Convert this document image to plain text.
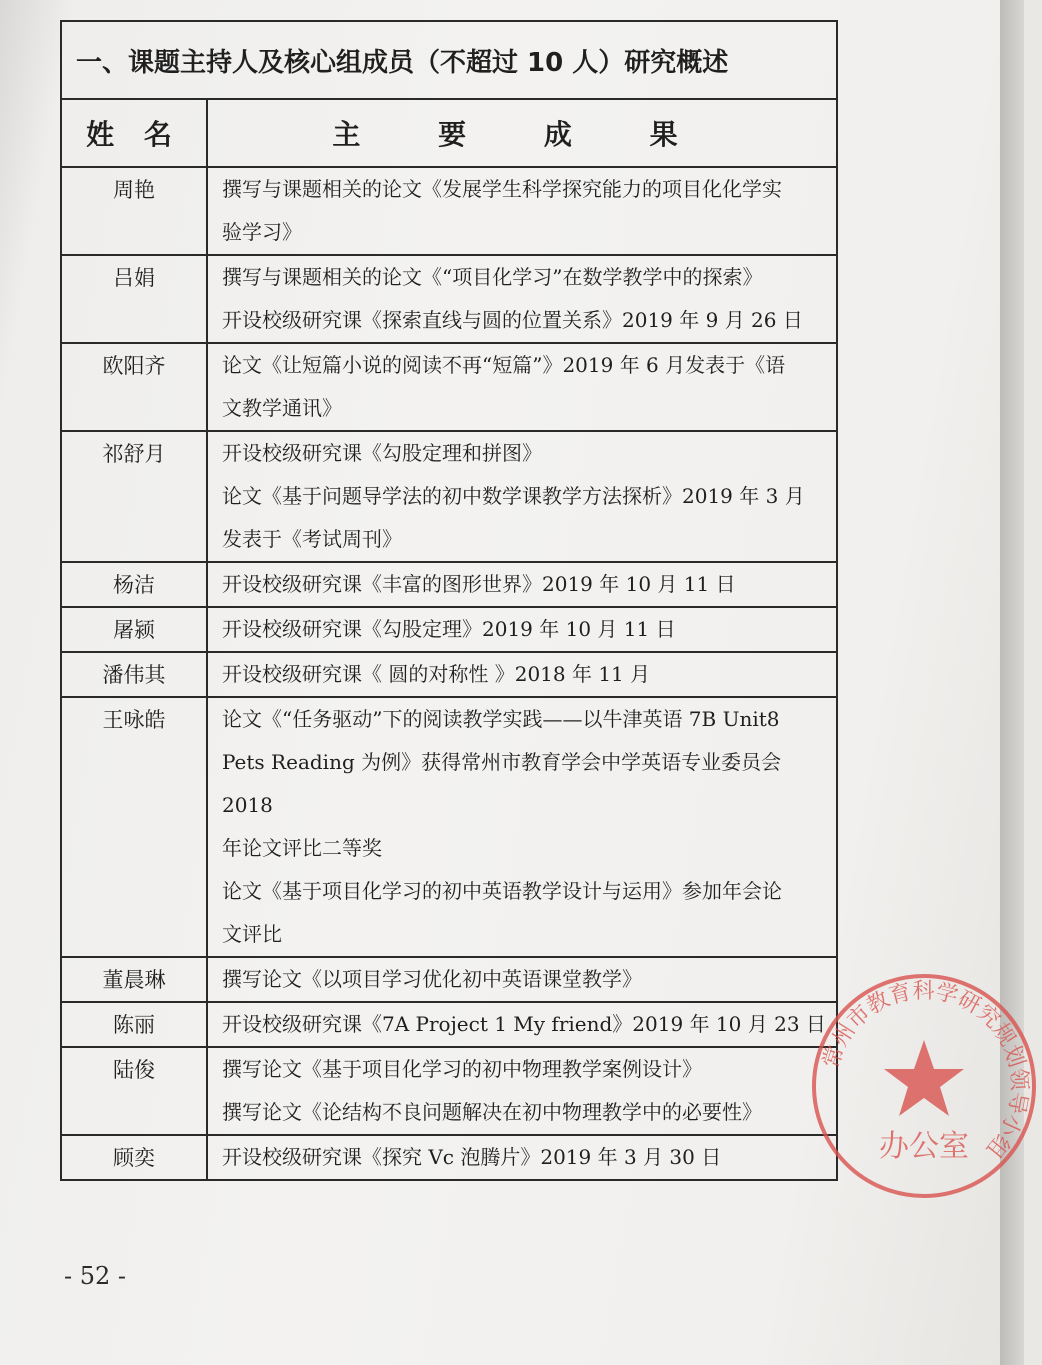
一、课题主持人及核心组成员（不超过 10 人）研究概述	
姓 名	主 要 成 果
周艳	撰写与课题相关的论文《发展学生科学探究能力的项目化化学实
验学习》

吕娟	撰写与课题相关的论文《“项目化学习”在数学教学中的探索》
开设校级研究课《探索直线与圆的位置关系》2019 年 9 月 26 日

欧阳齐	论文《让短篇小说的阅读不再“短篇”》2019 年 6 月发表于《语
文教学通讯》

祁舒月	开设校级研究课《勾股定理和拼图》
论文《基于问题导学法的初中数学课教学方法探析》2019 年 3 月
发表于《考试周刊》

杨洁	开设校级研究课《丰富的图形世界》2019 年 10 月 11 日

屠颍	开设校级研究课《勾股定理》2019 年 10 月 11 日

潘伟其	开设校级研究课《 圆的对称性 》2018 年 11 月

王咏皓	论文《“任务驱动”下的阅读教学实践——以牛津英语 7B Unit8
Pets Reading 为例》获得常州市教育学会中学英语专业委员会 2018
年论文评比二等奖
论文《基于项目化学习的初中英语教学设计与运用》参加年会论
文评比

董晨琳	撰写论文《以项目学习优化初中英语课堂教学》

陈丽	开设校级研究课《7A Project 1 My friend》2019 年 10 月 23 日

陆俊	撰写论文《基于项目化学习的初中物理教学案例设计》
撰写论文《论结构不良问题解决在初中物理教学中的必要性》

顾奕	开设校级研究课《探究 Vc 泡腾片》2019 年 3 月 30 日
- 52 -
常州市教育科学研究规划领导小组
办公室
